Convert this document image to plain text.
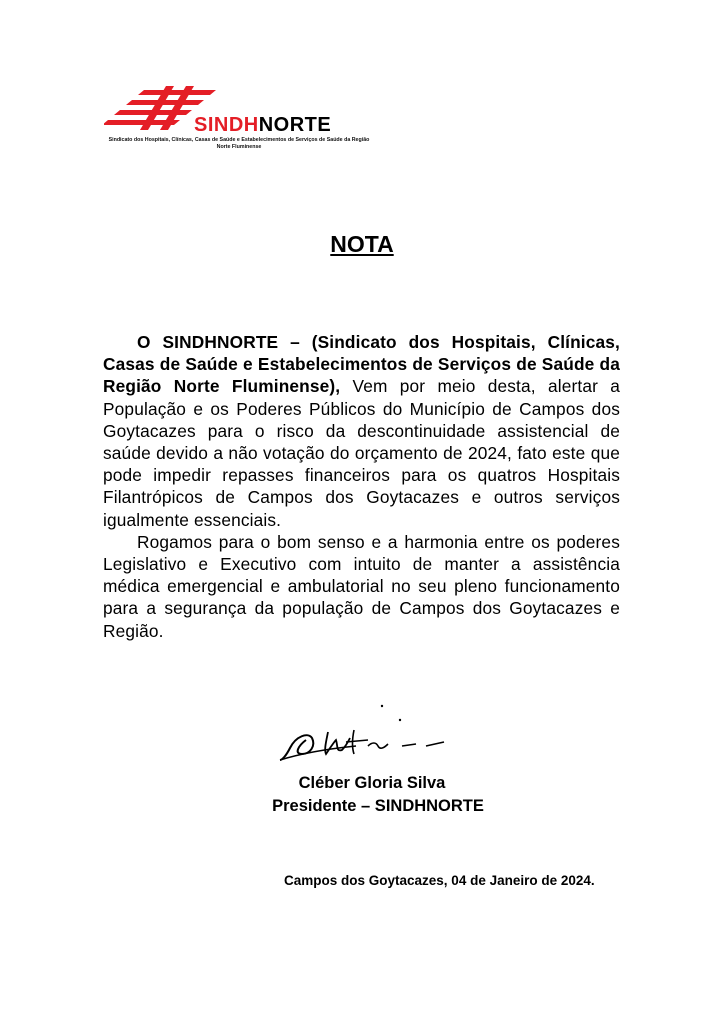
SINDHNORTE
Sindicato dos Hospitais, Clínicas, Casas de Saúde e Estabelecimentos de Serviços de Saúde da Região Norte Fluminense
NOTA

O SINDHNORTE – (Sindicato dos Hospitais, Clínicas, Casas de Saúde e Estabelecimentos de Serviços de Saúde da Região Norte Fluminense), Vem por meio desta, alertar a População e os Poderes Públicos do Município de Campos dos Goytacazes para o risco da descontinuidade assistencial de saúde devido a não votação do orçamento de 2024, fato este que pode impedir repasses financeiros para os quatros Hospitais Filantrópicos de Campos dos Goytacazes e outros serviços igualmente essenciais.

Rogamos para o bom senso e a harmonia entre os poderes Legislativo e Executivo com intuito de manter a assistência médica emergencial e ambulatorial no seu pleno funcionamento para a segurança da população de Campos dos Goytacazes e Região.

Cléber Gloria Silva
Presidente – SINDHNORTE
Campos dos Goytacazes, 04 de Janeiro de 2024.
